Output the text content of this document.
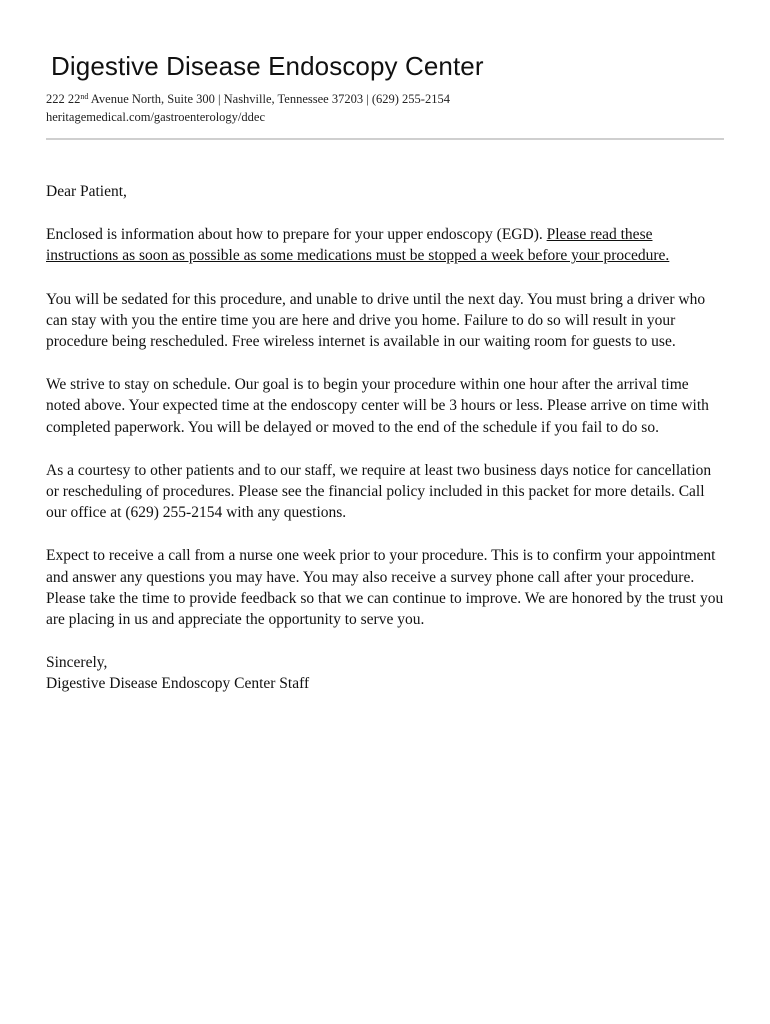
Digestive Disease Endoscopy Center
222 22nd Avenue North, Suite 300 | Nashville, Tennessee 37203 | (629) 255-2154
heritagemedical.com/gastroenterology/ddec

Dear Patient,

Enclosed is information about how to prepare for your upper endoscopy (EGD). Please read these instructions as soon as possible as some medications must be stopped a week before your procedure.

You will be sedated for this procedure, and unable to drive until the next day. You must bring a driver who can stay with you the entire time you are here and drive you home. Failure to do so will result in your procedure being rescheduled. Free wireless internet is available in our waiting room for guests to use.

We strive to stay on schedule. Our goal is to begin your procedure within one hour after the arrival time noted above. Your expected time at the endoscopy center will be 3 hours or less. Please arrive on time with completed paperwork. You will be delayed or moved to the end of the schedule if you fail to do so.

As a courtesy to other patients and to our staff, we require at least two business days notice for cancellation or rescheduling of procedures. Please see the financial policy included in this packet for more details. Call our office at (629) 255-2154 with any questions.

Expect to receive a call from a nurse one week prior to your procedure. This is to confirm your appointment and answer any questions you may have. You may also receive a survey phone call after your procedure. Please take the time to provide feedback so that we can continue to improve. We are honored by the trust you are placing in us and appreciate the opportunity to serve you.

Sincerely,

Digestive Disease Endoscopy Center Staff
